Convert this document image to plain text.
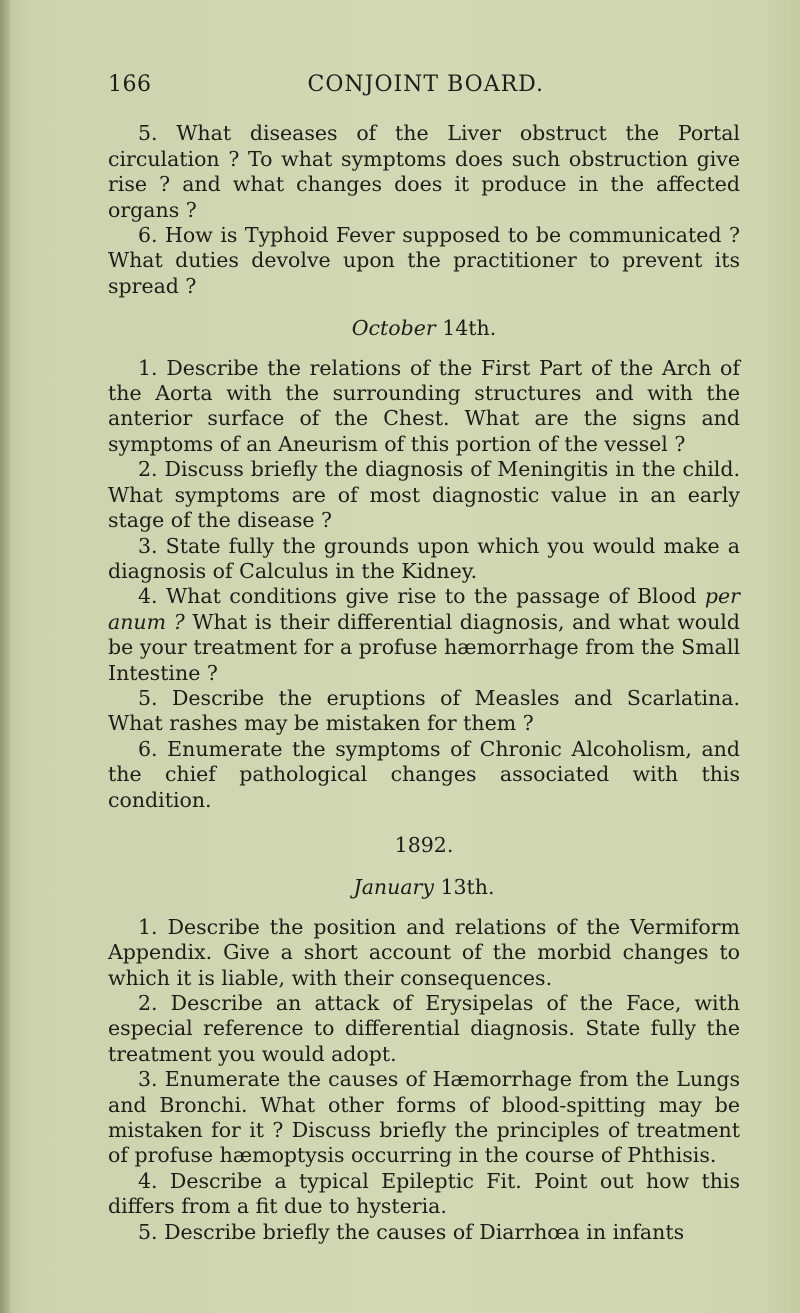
166	CONJOINT BOARD.

5. What diseases of the Liver obstruct the Portal circulation ? To what symptoms does such obstruction give rise ? and what changes does it produce in the affected organs ?

6. How is Typhoid Fever supposed to be communicated ? What duties devolve upon the practitioner to prevent its spread ?

October 14th.

1. Describe the relations of the First Part of the Arch of the Aorta with the surrounding structures and with the anterior surface of the Chest. What are the signs and symptoms of an Aneurism of this portion of the vessel ?

2. Discuss briefly the diagnosis of Meningitis in the child. What symptoms are of most diagnostic value in an early stage of the disease ?

3. State fully the grounds upon which you would make a diagnosis of Calculus in the Kidney.

4. What conditions give rise to the passage of Blood per anum ? What is their differential diagnosis, and what would be your treatment for a profuse hæmorrhage from the Small Intestine ?

5. Describe the eruptions of Measles and Scarlatina. What rashes may be mistaken for them ?

6. Enumerate the symptoms of Chronic Alcoholism, and the chief pathological changes associated with this condition.

1892.

January 13th.

1. Describe the position and relations of the Vermiform Appendix. Give a short account of the morbid changes to which it is liable, with their consequences.

2. Describe an attack of Erysipelas of the Face, with especial reference to differential diagnosis. State fully the treatment you would adopt.

3. Enumerate the causes of Hæmorrhage from the Lungs and Bronchi. What other forms of blood-spitting may be mistaken for it ? Discuss briefly the principles of treatment of profuse hæmoptysis occurring in the course of Phthisis.

4. Describe a typical Epileptic Fit. Point out how this differs from a fit due to hysteria.

5. Describe briefly the causes of Diarrhœa in infants
